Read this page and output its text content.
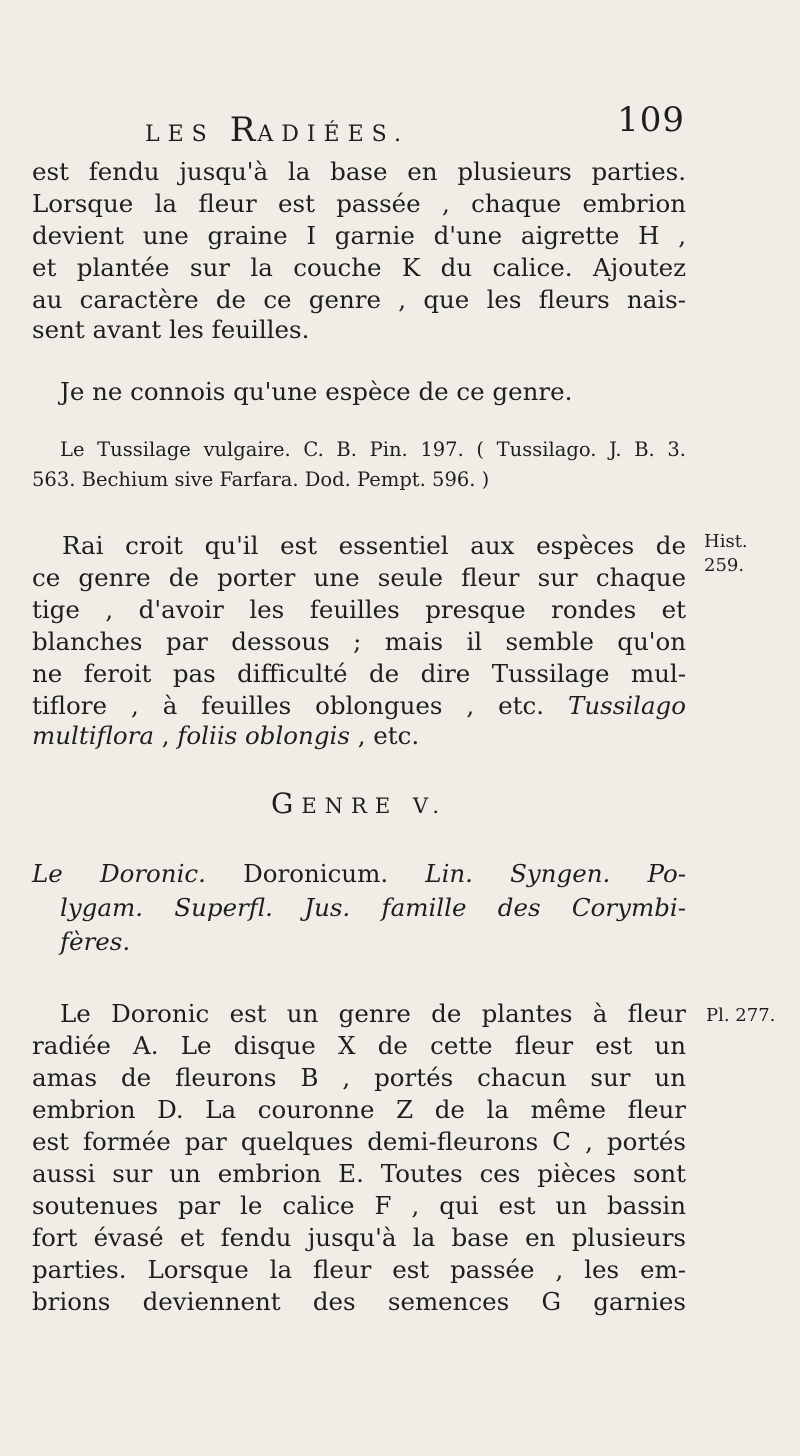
LES RADIÉES.	109
est fendu jusqu'à la base en plusieurs parties.
Lorsque la fleur est passée , chaque embrion
devient une graine I garnie d'une aigrette H ,
et plantée sur la couche K du calice. Ajoutez
au caractère de ce genre , que les fleurs nais-
sent avant les feuilles.
Je ne connois qu'une espèce de ce genre.
Le Tussilage vulgaire. C. B. Pin. 197. ( Tussilago. J. B. 3.
563. Bechium sive Farfara. Dod. Pempt. 596. )
Rai croit qu'il est essentiel aux espèces de
ce genre de porter une seule fleur sur chaque
tige , d'avoir les feuilles presque rondes et
blanches par dessous ; mais il semble qu'on
ne feroit pas difficulté de dire Tussilage mul-
tiflore , à feuilles oblongues , etc. Tussilago
multiflora , foliis oblongis , etc.
GENRE V.
Le Doronic. Doronicum. Lin. Syngen. Po-
lygam. Superfl. Jus. famille des Corymbi-
fères.
Le Doronic est un genre de plantes à fleur
radiée A. Le disque X de cette fleur est un
amas de fleurons B , portés chacun sur un
embrion D. La couronne Z de la même fleur
est formée par quelques demi-fleurons C , portés
aussi sur un embrion E. Toutes ces pièces sont
soutenues par le calice F , qui est un bassin
fort évasé et fendu jusqu'à la base en plusieurs
parties. Lorsque la fleur est passée , les em-
brions deviennent des semences G garnies
Hist.
259.
Pl. 277.
